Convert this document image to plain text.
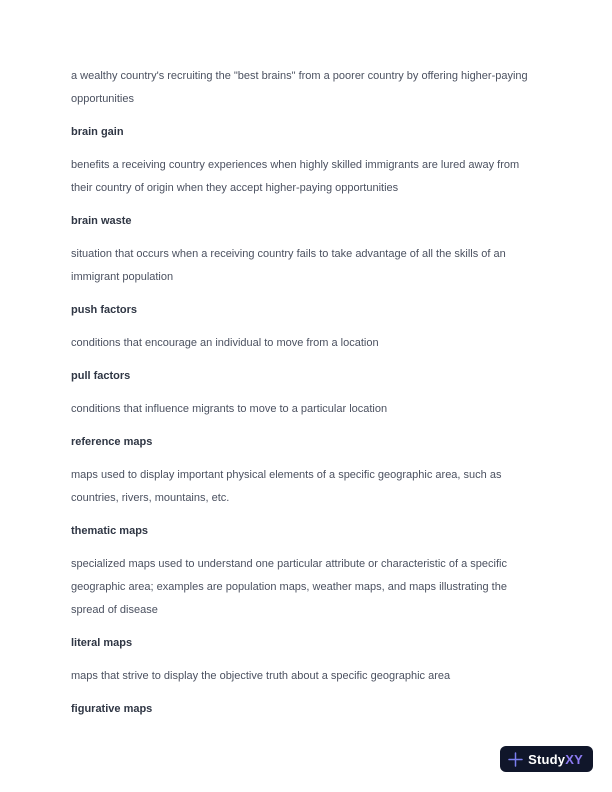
a wealthy country's recruiting the "best brains" from a poorer country by offering higher-paying opportunities
brain gain
benefits a receiving country experiences when highly skilled immigrants are lured away from their country of origin when they accept higher-paying opportunities
brain waste
situation that occurs when a receiving country fails to take advantage of all the skills of an immigrant population
push factors
conditions that encourage an individual to move from a location
pull factors
conditions that influence migrants to move to a particular location
reference maps
maps used to display important physical elements of a specific geographic area, such as countries, rivers, mountains, etc.
thematic maps
specialized maps used to understand one particular attribute or characteristic of a specific geographic area; examples are population maps, weather maps, and maps illustrating the spread of disease
literal maps
maps that strive to display the objective truth about a specific geographic area
figurative maps
StudyXY
